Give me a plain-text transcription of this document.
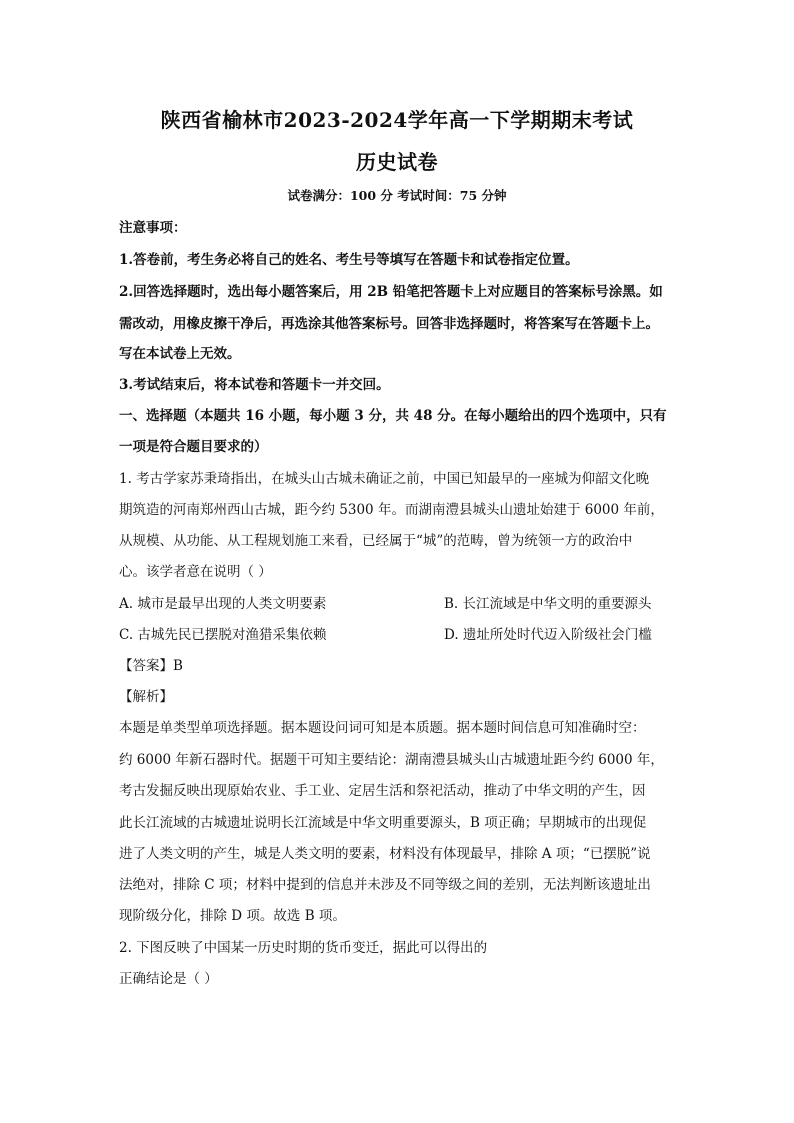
陕西省榆林市2023-2024学年高一下学期期末考试
历史试卷
试卷满分：100 分 考试时间：75 分钟
注意事项：
1.答卷前，考生务必将自己的姓名、考生号等填写在答题卡和试卷指定位置。
2.回答选择题时，选出每小题答案后，用 2B 铅笔把答题卡上对应题目的答案标号涂黑。如
需改动，用橡皮擦干净后，再选涂其他答案标号。回答非选择题时，将答案写在答题卡上。
写在本试卷上无效。
3.考试结束后，将本试卷和答题卡一并交回。
一、选择题（本题共 16 小题，每小题 3 分，共 48 分。在每小题给出的四个选项中，只有
一项是符合题目要求的）
1. 考古学家苏秉琦指出，在城头山古城未确证之前，中国已知最早的一座城为仰韶文化晚
期筑造的河南郑州西山古城，距今约 5300 年。而湖南澧县城头山遗址始建于 6000 年前，
从规模、从功能、从工程规划施工来看，已经属于“城”的范畴，曾为统领一方的政治中
心。该学者意在说明（ ）
A. 城市是最早出现的人类文明要素	B. 长江流域是中华文明的重要源头
C. 古城先民已摆脱对渔猎采集依赖	D. 遗址所处时代迈入阶级社会门槛
【答案】B
【解析】
本题是单类型单项选择题。据本题设问词可知是本质题。据本题时间信息可知准确时空：
约 6000 年新石器时代。据题干可知主要结论：湖南澧县城头山古城遗址距今约 6000 年，
考古发掘反映出现原始农业、手工业、定居生活和祭祀活动，推动了中华文明的产生，因
此长江流域的古城遗址说明长江流域是中华文明重要源头，B 项正确；早期城市的出现促
进了人类文明的产生，城是人类文明的要素，材料没有体现最早，排除 A 项；“已摆脱”说
法绝对，排除 C 项；材料中提到的信息并未涉及不同等级之间的差别，无法判断该遗址出
现阶级分化，排除 D 项。故选 B 项。
2. 下图反映了中国某一历史时期的货币变迁，据此可以得出的
正确结论是（ ）
